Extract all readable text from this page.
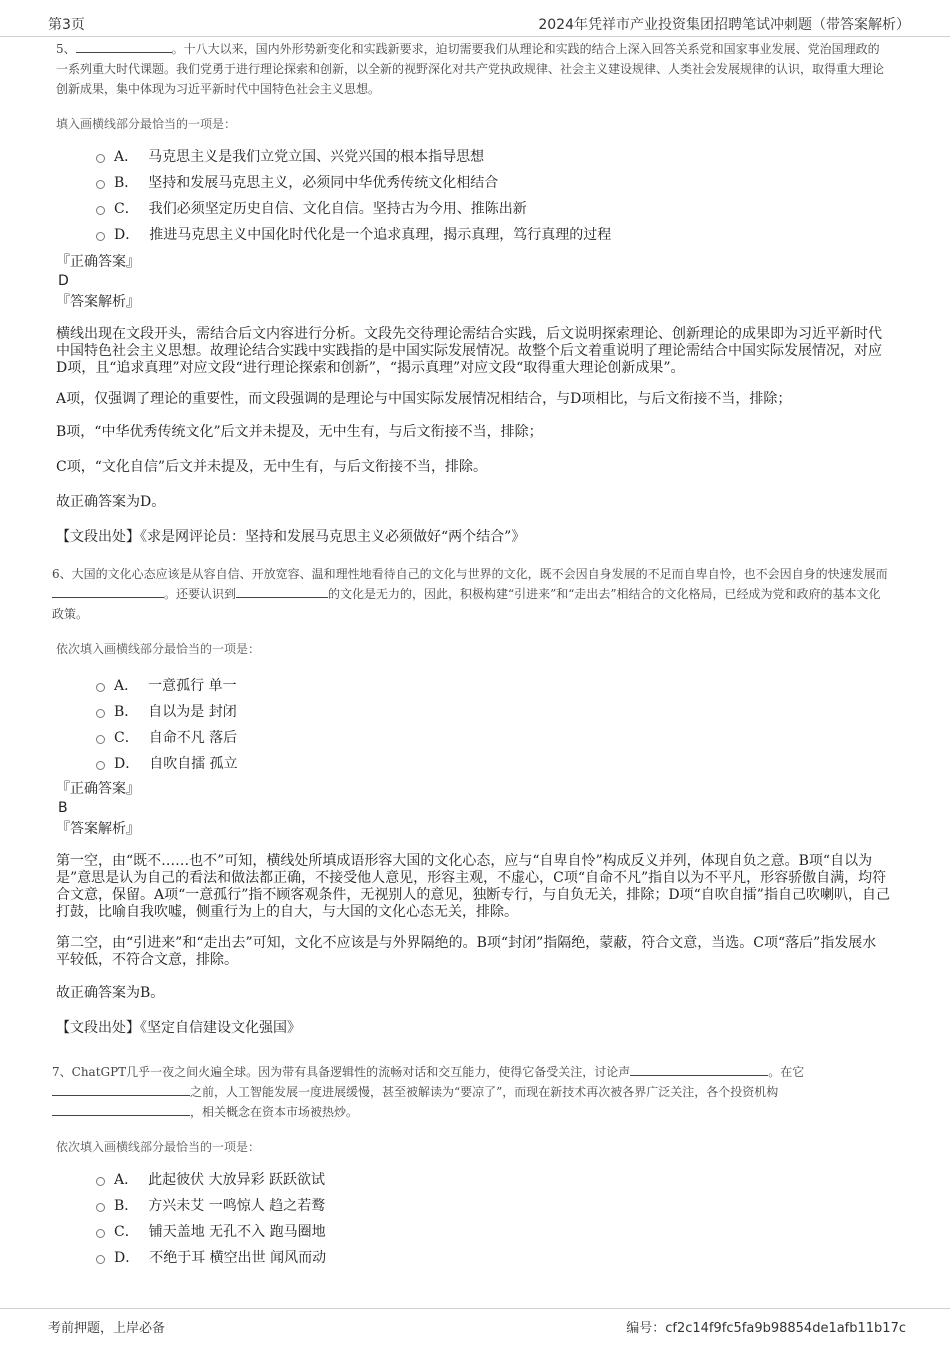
第3页	2024年凭祥市产业投资集团招聘笔试冲刺题（带答案解析）

5、	。十八大以来，国内外形势新变化和实践新要求，迫切需要我们从理论和实践的结合上深入回答关系党和国家事业发展、党治国理政的一系列重大时代课题。我们党勇于进行理论探索和创新，以全新的视野深化对共产党执政规律、社会主义建设规律、人类社会发展规律的认识，取得重大理论创新成果，集中体现为习近平新时代中国特色社会主义思想。

填入画横线部分最恰当的一项是：

A． 马克思主义是我们立党立国、兴党兴国的根本指导思想
B． 坚持和发展马克思主义，必须同中华优秀传统文化相结合
C． 我们必须坚定历史自信、文化自信。坚持古为今用、推陈出新
D． 推进马克思主义中国化时代化是一个追求真理，揭示真理，笃行真理的过程

『正确答案』

D

『答案解析』

横线出现在文段开头，需结合后文内容进行分析。文段先交待理论需结合实践，后文说明探索理论、创新理论的成果即为习近平新时代中国特色社会主义思想。故理论结合实践中实践指的是中国实际发展情况。故整个后文着重说明了理论需结合中国实际发展情况，对应D项，且“追求真理”对应文段“进行理论探索和创新”，“揭示真理”对应文段“取得重大理论创新成果”。

A项，仅强调了理论的重要性，而文段强调的是理论与中国实际发展情况相结合，与D项相比，与后文衔接不当，排除；

B项，“中华优秀传统文化”后文并未提及，无中生有，与后文衔接不当，排除；

C项，“文化自信”后文并未提及，无中生有，与后文衔接不当，排除。

故正确答案为D。

【文段出处】《求是网评论员：坚持和发展马克思主义必须做好“两个结合”》

6、大国的文化心态应该是从容自信、开放宽容、温和理性地看待自己的文化与世界的文化，既不会因自身发展的不足而自卑自怜，也不会因自身的快速发展而。还要认识到	的文化是无力的，因此，积极构建“引进来”和“走出去”相结合的文化格局，已经成为党和政府的基本文化政策。

依次填入画横线部分最恰当的一项是：

A． 一意孤行 单一
B． 自以为是 封闭
C． 自命不凡 落后
D． 自吹自擂 孤立

『正确答案』

B

『答案解析』

第一空，由“既不……也不”可知，横线处所填成语形容大国的文化心态，应与“自卑自怜”构成反义并列，体现自负之意。B项“自以为是”意思是认为自己的看法和做法都正确，不接受他人意见，形容主观，不虚心，C项“自命不凡”指自以为不平凡，形容骄傲自满，均符合文意，保留。A项“一意孤行”指不顾客观条件，无视别人的意见，独断专行，与自负无关，排除；D项“自吹自擂”指自己吹喇叭，自己打鼓，比喻自我吹嘘，侧重行为上的自大，与大国的文化心态无关，排除。

第二空，由“引进来”和“走出去”可知，文化不应该是与外界隔绝的。B项“封闭”指隔绝，蒙蔽，符合文意，当选。C项“落后”指发展水平较低，不符合文意，排除。

故正确答案为B。

【文段出处】《坚定自信建设文化强国》

7、ChatGPT几乎一夜之间火遍全球。因为带有具备逻辑性的流畅对话和交互能力，使得它备受关注，讨论声	。在它之前，人工智能发展一度进展缓慢，甚至被解读为“要凉了”，而现在新技术再次被各界广泛关注，各个投资机构，相关概念在资本市场被热炒。

依次填入画横线部分最恰当的一项是：

A． 此起彼伏 大放异彩 跃跃欲试
B． 方兴未艾 一鸣惊人 趋之若鹜
C． 铺天盖地 无孔不入 跑马圈地
D． 不绝于耳 横空出世 闻风而动
考前押题，上岸必备	编号：cf2c14f9fc5fa9b98854de1afb11b17c
